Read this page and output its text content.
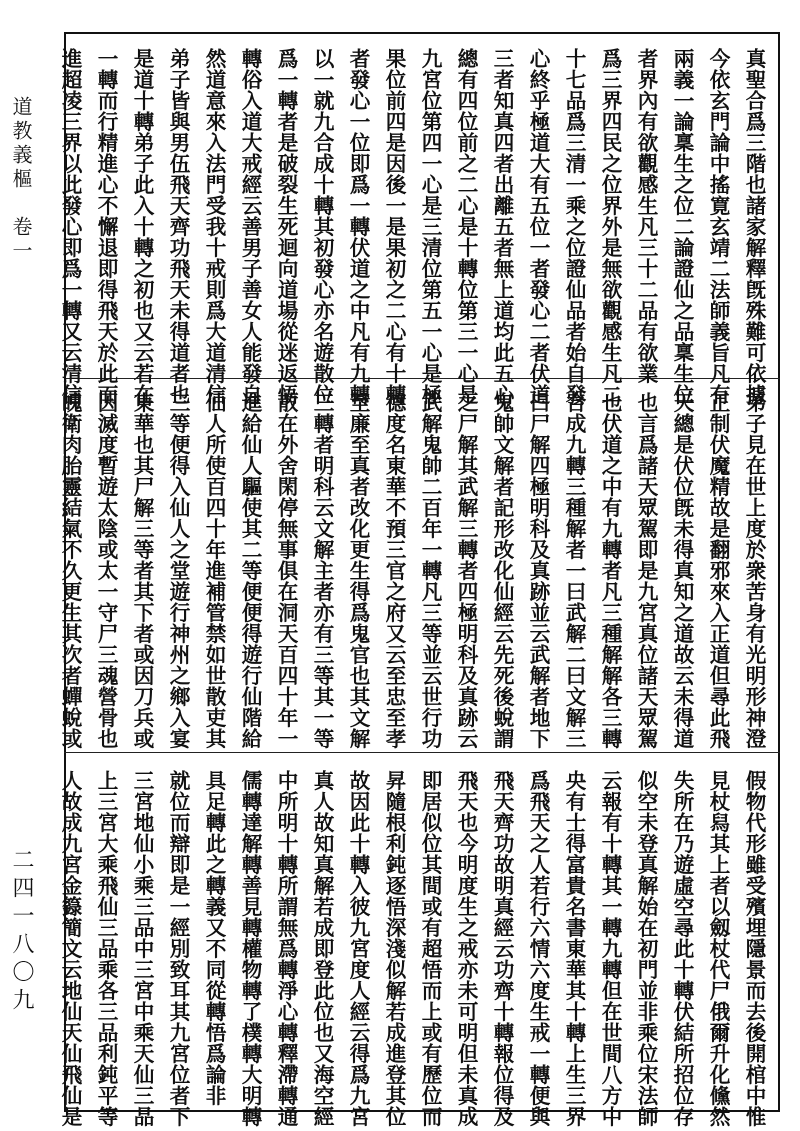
道教義樞　卷一
二四一八〇九
真聖合爲三階也諸家解釋旣殊難可依據
今依玄門論中搖寛玄靖二法師義旨凡有
兩義一論稟生之位二論證仙之品稟生位
者界內有欲觀感生凡三十二品有欲業
爲三界四民之位界外是無欲觀感生凡二
十七品爲三清一乘之位證仙品者始自發
心終乎極道大有五位一者發心二者伏道
三者知真四者出離五者無上道均此五心
總有四位前之二心是十轉位第三一心是
九宮位第四一心是三清位第五一心是極
果位前四是因後一是果初之二心有十轉
者發心一位即爲一轉伏道之中凡有九轉
以一就九合成十轉其初發心亦名遊散位
爲一轉者是破裂生死迴向道場從迷返悟
轉俗入道大戒經云善男子善女人能發自
然道意來入法門受我十戒則爲大道清信
弟子皆與男伍飛天齊功飛天未得道者也
是道十轉弟子此入十轉之初也又云若在
一轉而行精進心不懈退即得飛天於此而
進超凌三界以此發心即爲一轉又云清信
弟子見在世上度於衆苦身有光明形神澄
正制伏魔精故是翻邪來入正道但尋此飛
天總是伏位旣未得真知之道故云未得道
也言爲諸天眾駕即是九宮真位諸天眾駕
也伏道之中有九轉者凡三種解解各三轉
合成九轉三種解者一曰武解二曰文解三
曰尸解四極明科及真跡並云武解者地下
鬼帥文解者記形改化仙經云先死後蛻謂
之尸解其武解三轉者四極明科及真跡云
武解鬼帥二百年一轉凡三等並云世行功
德度名東華不預三官之府又云至忠至孝
至廉至真者改化更生得爲鬼官也其文解
三轉者明科云文解主者亦有三等其一等
散在外舍閑停無事俱在洞天百四十年一
進給仙人驅使其二等便便得遊行仙階給
仙人所使百四十年進補管禁如世散吏其
三等便得入仙人之堂遊行神州之鄉入宴
東華也其尸解三等者其下者或因刀兵或
因滅度暫遊太陰或太一守尸三魂營骨也
魄衛肉胎靈結氣不久更生其次者蟬蛻或
假物代形雖受殯埋隱景而去後開棺中惟
見杖舄其上者以劔杖代尸俄爾升化儵然
失所在乃遊虛空尋此十轉伏結所招位存
似空未登真解始在初門並非乘位宋法師
云報有十轉其一轉九轉但在世間八方中
央有士得富貴名書東華其十轉上生三界
爲飛天之人若行六情六度生戒一轉便與
飛天齊功故明真經云功齊十轉報位得及
飛天也今明度生之戒亦未可明但未真成
即居似位其間或有超悟而上或有歷位而
昇隨根利鈍逐悟深淺似解若成進登其位
故因此十轉入彼九宮度人經云得爲九宮
真人故知真解若成即登此位也又海空經
中所明十轉所謂無爲轉淨心轉釋滯轉通
儒轉達解轉善見轉權物轉了樸轉大明轉
具足轉此之轉義又不同從轉悟爲論非
就位而辯即是一經別致耳其九宮位者下
三宮地仙小乘三品中三宮中乘天仙三品
上三宮大乘飛仙三品乘各三品利鈍平等
人故成九宮金籙簡文云地仙天仙飛仙是
